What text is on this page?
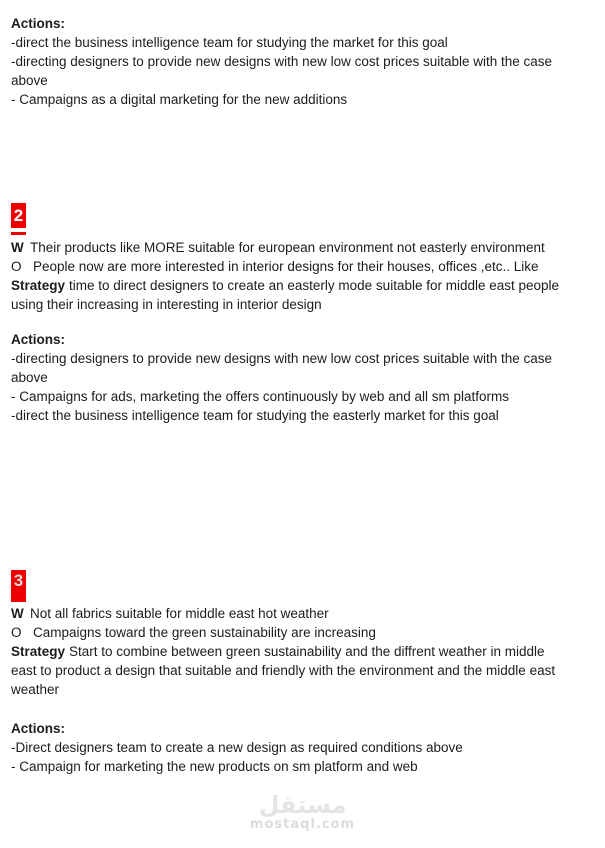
Actions:

-direct the business intelligence team for studying the market for this goal

-directing designers to provide new designs with new low cost prices suitable with the case above

- Campaigns as a digital marketing for the new additions

2

W Their products like MORE suitable for european environment not easterly environment

O People now are more interested in interior designs for their houses, offices ,etc.. Like

Strategy time to direct designers to create an easterly mode suitable for middle east people using their increasing in interesting in interior design

Actions:

-directing designers to provide new designs with new low cost prices suitable with the case above

- Campaigns for ads, marketing the offers continuously by web and all sm platforms

-direct the business intelligence team for studying the easterly market for this goal

3

W Not all fabrics suitable for middle east hot weather

O Campaigns toward the green sustainability are increasing

Strategy Start to combine between green sustainability and the diffrent weather in middle east to product a design that suitable and friendly with the environment and the middle east weather

Actions:

-Direct designers team to create a new design as required conditions above

- Campaign for marketing the new products on sm platform and web

مستقل
mostaql.com
